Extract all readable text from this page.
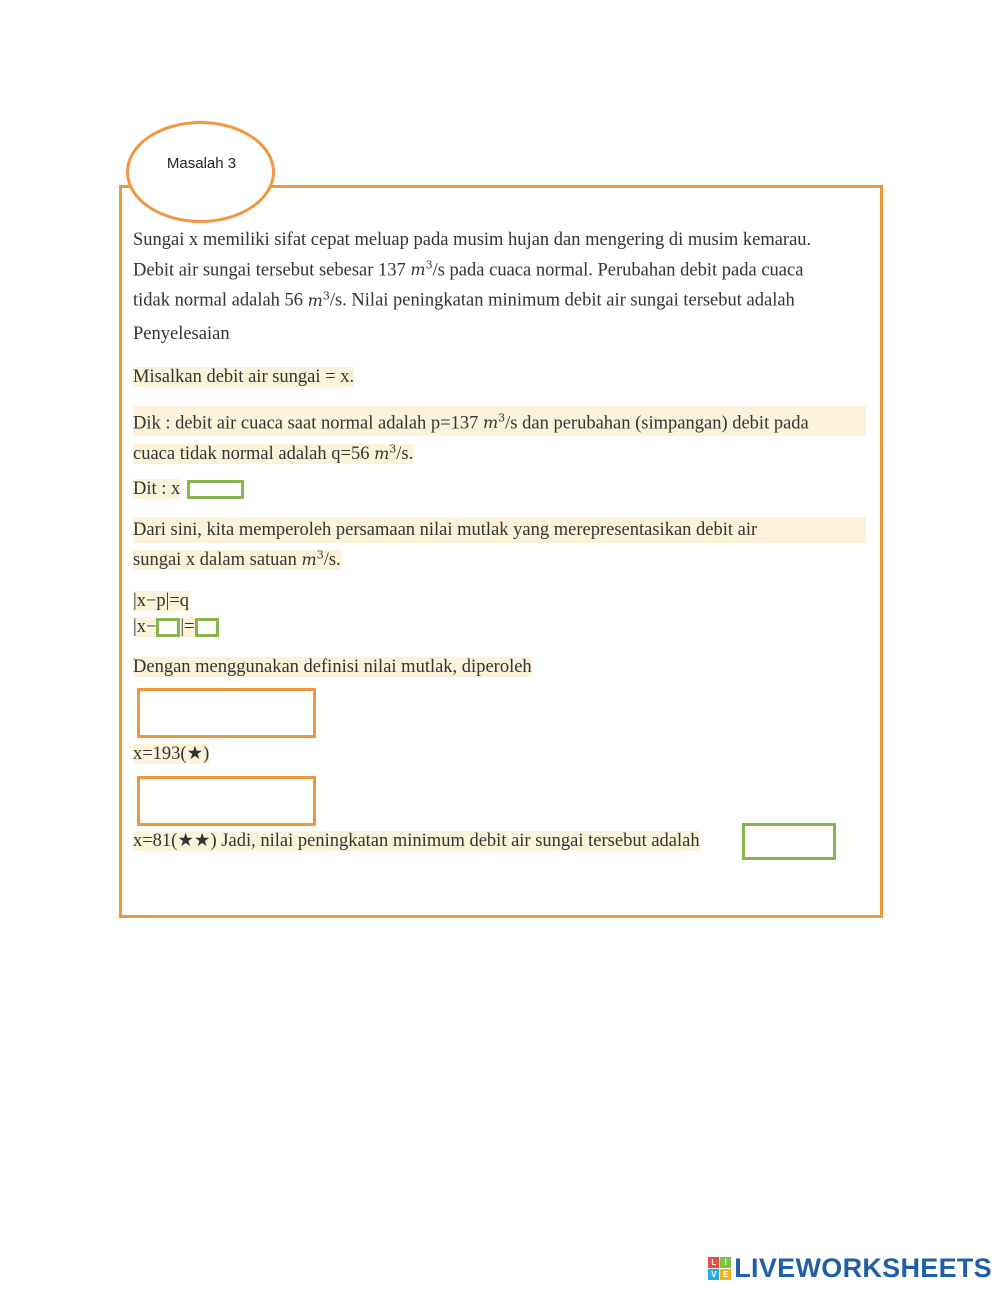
Masalah 3
Sungai x memiliki sifat cepat meluap pada musim hujan dan mengering di musim kemarau.
Debit air sungai tersebut sebesar 137 $m^3/s$ pada cuaca normal. Perubahan debit pada cuaca
tidak normal adalah 56 $m^3/s$. Nilai peningkatan minimum debit air sungai tersebut adalah
Penyelesaian
Misalkan debit air sungai = x.
Dik : debit air cuaca saat normal adalah p=137 $m^3/s$ dan perubahan (simpangan) debit pada
cuaca tidak normal adalah q=56 $m^3/s$.
Dit : x
Dari sini, kita memperoleh persamaan nilai mutlak yang merepresentasikan debit air
sungai x dalam satuan $m^3/s$.
|x−p|=q
|x− |=
Dengan menggunakan definisi nilai mutlak, diperoleh
x=193(★)
x=81(★★) Jadi, nilai peningkatan minimum debit air sungai tersebut adalah
L	I
V E LIVEWORKSHEETS
